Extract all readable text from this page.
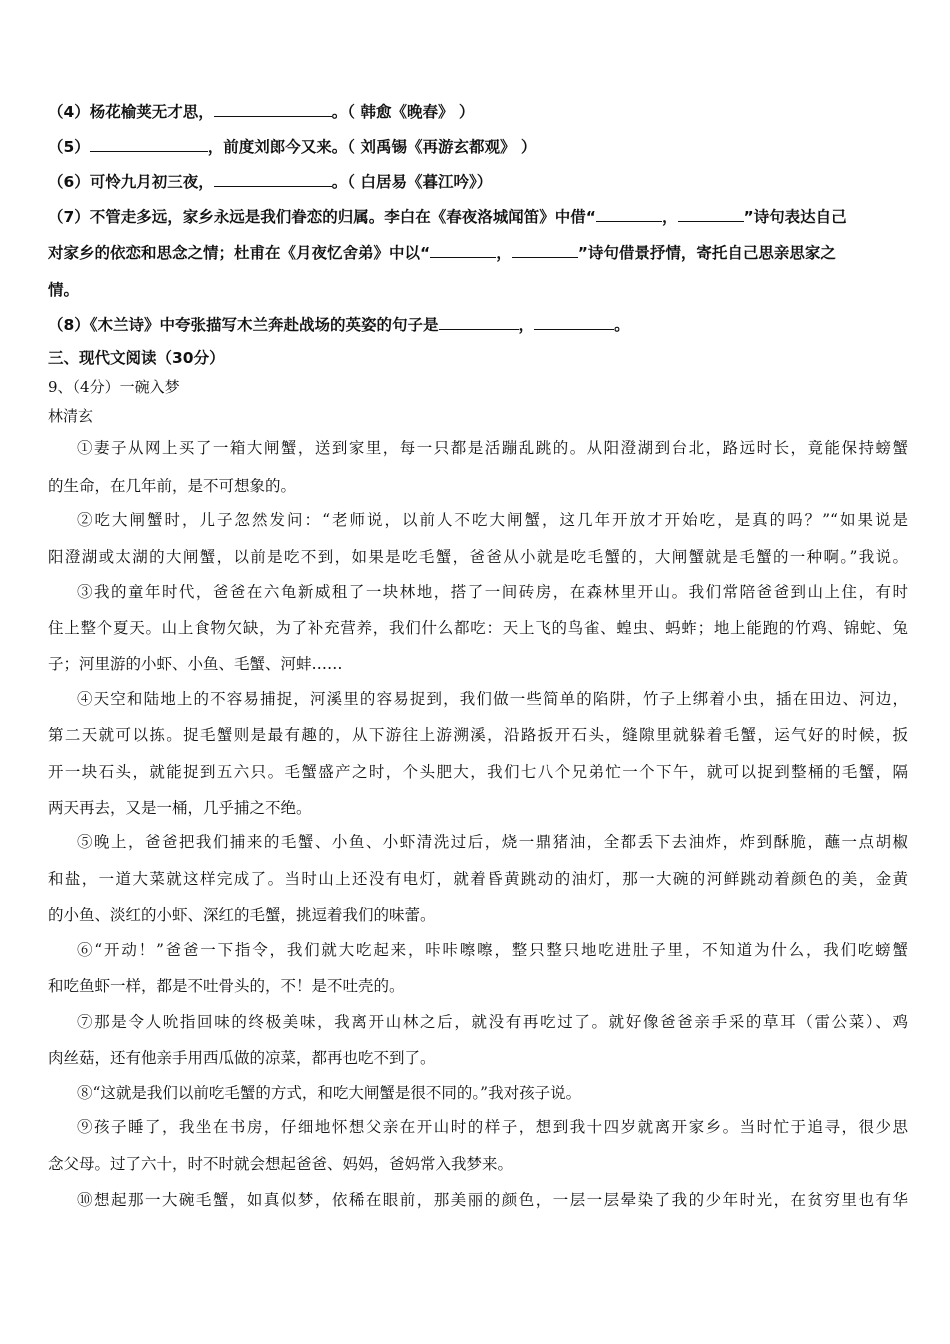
（4）杨花榆荚无才思，	。（ 韩愈《晚春》 ）
（5）	，前度刘郎今又来。（ 刘禹锡《再游玄都观》 ）
（6）可怜九月初三夜，	。（ 白居易《暮江吟》）
（7）不管走多远，家乡永远是我们眷恋的归属。李白在《春夜洛城闻笛》中借“	，	”诗句表达自己
对家乡的依恋和思念之情；杜甫在《月夜忆舍弟》中以“	，	”诗句借景抒情，寄托自己思亲思家之
情。
（8）《木兰诗》中夸张描写木兰奔赴战场的英姿的句子是	，	。
三、现代文阅读（30分）
9、（4分）一碗入梦
林清玄
①妻子从网上买了一箱大闸蟹，送到家里，每一只都是活蹦乱跳的。从阳澄湖到台北，路远时长，竟能保持螃蟹
的生命，在几年前，是不可想象的。
②吃大闸蟹时，儿子忽然发问：“老师说，以前人不吃大闸蟹，这几年开放才开始吃，是真的吗？”“如果说是
阳澄湖或太湖的大闸蟹，以前是吃不到，如果是吃毛蟹，爸爸从小就是吃毛蟹的，大闸蟹就是毛蟹的一种啊。”我说。
③我的童年时代，爸爸在六龟新威租了一块林地，搭了一间砖房，在森林里开山。我们常陪爸爸到山上住，有时
住上整个夏天。山上食物欠缺，为了补充营养，我们什么都吃：天上飞的鸟雀、蝗虫、蚂蚱；地上能跑的竹鸡、锦蛇、兔
子；河里游的小虾、小鱼、毛蟹、河蚌……
④天空和陆地上的不容易捕捉，河溪里的容易捉到，我们做一些简单的陷阱，竹子上绑着小虫，插在田边、河边，
第二天就可以拣。捉毛蟹则是最有趣的，从下游往上游溯溪，沿路扳开石头，缝隙里就躲着毛蟹，运气好的时候，扳
开一块石头，就能捉到五六只。毛蟹盛产之时，个头肥大，我们七八个兄弟忙一个下午，就可以捉到整桶的毛蟹，隔
两天再去，又是一桶，几乎捕之不绝。
⑤晚上，爸爸把我们捕来的毛蟹、小鱼、小虾清洗过后，烧一鼎猪油，全都丢下去油炸，炸到酥脆，蘸一点胡椒
和盐，一道大菜就这样完成了。当时山上还没有电灯，就着昏黄跳动的油灯，那一大碗的河鲜跳动着颜色的美，金黄
的小鱼、淡红的小虾、深红的毛蟹，挑逗着我们的味蕾。
⑥“开动！”爸爸一下指令，我们就大吃起来，咔咔嚓嚓，整只整只地吃进肚子里，不知道为什么，我们吃螃蟹
和吃鱼虾一样，都是不吐骨头的，不！是不吐壳的。
⑦那是令人吮指回味的终极美味，我离开山林之后，就没有再吃过了。就好像爸爸亲手采的草耳（雷公菜）、鸡
肉丝菇，还有他亲手用西瓜做的凉菜，都再也吃不到了。
⑧“这就是我们以前吃毛蟹的方式，和吃大闸蟹是很不同的。”我对孩子说。
⑨孩子睡了，我坐在书房，仔细地怀想父亲在开山时的样子，想到我十四岁就离开家乡。当时忙于追寻，很少思
念父母。过了六十，时不时就会想起爸爸、妈妈，爸妈常入我梦来。
⑩想起那一大碗毛蟹，如真似梦，依稀在眼前，那美丽的颜色，一层一层晕染了我的少年时光，在贫穷里也有华
